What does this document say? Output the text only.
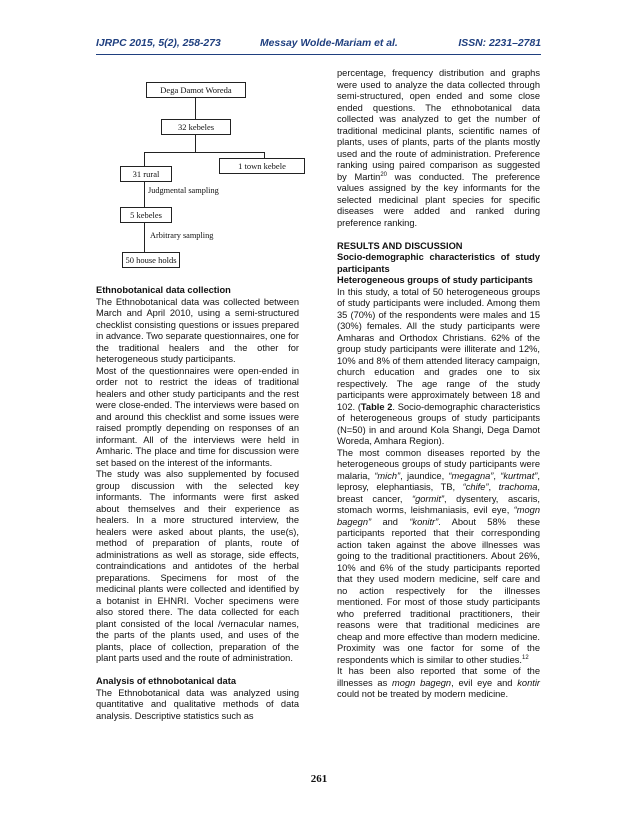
IJRPC 2015, 5(2), 258-273	Messay Wolde-Mariam et al.	ISSN: 2231–2781
Dega Damot Woreda
32 kebeles
1 town kebele
31 rural
Judgmental sampling
5 kebeles
Arbitrary sampling
50 house holds
Ethnobotanical data collection

The Ethnobotanical data was collected between March and April 2010, using a semi-structured checklist consisting questions or issues prepared in advance. Two separate questionnaires, one for the traditional healers and the other for heterogeneous study participants.

Most of the questionnaires were open-ended in order not to restrict the ideas of traditional healers and other study participants and the rest were close-ended. The interviews were based on and around this checklist and some issues were raised promptly depending on responses of an informant. All of the interviews were held in Amharic. The place and time for discussion were set based on the interest of the informants.

The study was also supplemented by focused group discussion with the selected key informants. The informants were first asked about themselves and their experience as healers. In a more structured interview, the healers were asked about plants, the use(s), method of preparation of plants, route of administrations as well as storage, side effects, contraindications and antidotes of the herbal preparations. Specimens for most of the medicinal plants were collected and identified by a botanist in EHNRI. Vocher specimens were also stored there. The data collected for each plant consisted of the local /vernacular names, the parts of the plants used, and uses of the plants, place of collection, preparation of the plant parts used and the route of administration.

Analysis of ethnobotanical data

The Ethnobotanical data was analyzed using quantitative and qualitative methods of data analysis. Descriptive statistics such as

percentage, frequency distribution and graphs were used to analyze the data collected through semi-structured, open ended and some close ended questions. The ethnobotanical data collected was analyzed to get the number of traditional medicinal plants, scientific names of plants, uses of plants, parts of the plants mostly used and the route of administration. Preference ranking using paired comparison as suggested by Martin$^{20}$ was conducted. The preference values assigned by the key informants for the selected medicinal plant species for specific diseases were added and ranked during preference ranking.

RESULTS AND DISCUSSION
Socio-demographic characteristics of study participants
Heterogeneous groups of study participants

In this study, a total of 50 heterogeneous groups of study participants were included. Among them 35 (70%) of the respondents were males and 15 (30%) females. All the study participants were Amharas and Orthodox Christians. 62% of the group study participants were illiterate and 12%, 10% and 8% of them attended literacy campaign, church education and grades one to six respectively. The age range of the study participants were approximately between 18 and 102. (Table 2. Socio-demographic characteristics of heterogeneous groups of study participants (N=50) in and around Kola Shangi, Dega Damot Woreda, Amhara Region).

The most common diseases reported by the heterogeneous groups of study participants were malaria, “mich”, jaundice, “megagna”, “kurtmat”, leprosy, elephantiasis, TB, “chife”, trachoma, breast cancer, “gormit”, dysentery, ascaris, stomach worms, leishmaniasis, evil eye, “mogn bagegn” and “konitr”. About 58% these participants reported that their corresponding action taken against the above illnesses was going to the traditional practitioners. About 26%, 10% and 6% of the study participants reported that they used modern medicine, self care and no action respectively for the illnesses mentioned. For most of those study participants who preferred traditional practitioners, their reasons were that traditional medicines are cheap and more effective than modern medicine. Proximity was one factor for some of the respondents which is similar to other studies.$^{12}$

It has been also reported that some of the illnesses as mogn bagegn, evil eye and kontir could not be treated by modern medicine.

261
